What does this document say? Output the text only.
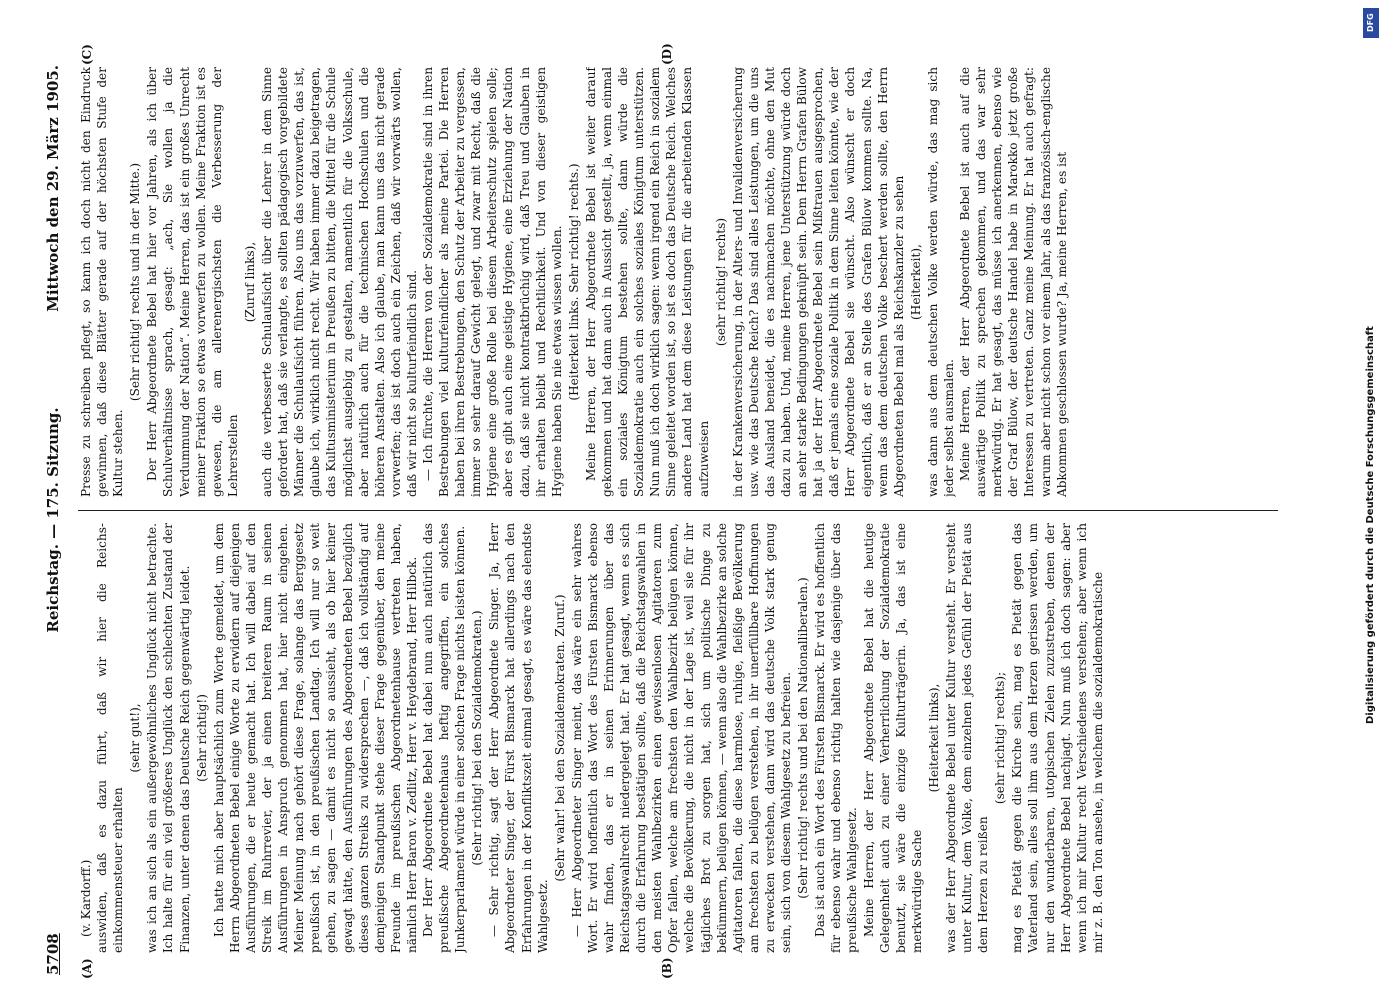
5708
Reichstag. — 175. Sitzung.
Mittwoch den 29. März 1905.
(A)	(B)
(C)	(D)

(v. Kardorff.) auswiden, daß es dazu führt, daß wir hier die Reichs-einkommensteuer erhalten

(sehr gut!), was ich an sich als ein außergewöhnliches Unglück nicht betrachte. Ich halte für ein viel größeres Unglück den schlechten Zustand der Finanzen, unter denen das Deutsche Reich gegenwärtig leidet. (Sehr richtig!) Ich hatte mich aber hauptsächlich zum Worte gemeldet, um dem Herrn Abgeordneten Bebel einige Worte zu erwidern auf diejenigen Ausführungen, die er heute gemacht hat. Ich will dabei auf den Streik im Ruhrrevier, der ja einen breiteren Raum in seinen Ausführungen in Anspruch genommen hat, hier nicht eingehen. Meiner Meinung nach gehört diese Frage, solange das Berggesetz preußisch ist, in den preußischen Landtag. Ich will nur so weit gehen, zu sagen — damit es nicht so aussieht, als ob hier keiner gewagt hätte, den Ausführungen des Abgeordneten Bebel bezüglich dieses ganzen Streiks zu widersprechen —, daß ich vollständig auf demjenigen Standpunkt stehe dieser Frage gegenüber, den meine Freunde im preußischen Abgeordnetenhause vertreten haben, nämlich Herr Baron v. Zedlitz, Herr v. Heydebrand, Herr Hilbck. Der Herr Abgeordnete Bebel hat dabei nun auch natürlich das preußische Abgeordnetenhaus heftig angegriffen, ein solches Junkerparlament würde in einer solchen Frage nichts leisten können. (Sehr richtig! bei den Sozialdemokraten.) — Sehr richtig, sagt der Herr Abgeordnete Singer. Ja, Herr Abgeordneter Singer, der Fürst Bismarck hat allerdings nach den Erfahrungen in der Konfliktszeit einmal gesagt, es wäre das elendste Wahlgesetz.

(Sehr wahr! bei den Sozialdemokraten. Zuruf.) — Herr Abgeordneter Singer meint, das wäre ein sehr wahres Wort. Er wird hoffentlich das Wort des Fürsten Bismarck ebenso wahr finden, das er in seinen Erinnerungen über das Reichstagswahlrecht niedergelegt hat. Er hat gesagt, wenn es sich durch die Erfahrung bestätigen sollte, daß die Reichstagswahlen in den meisten Wahlbezirken einen gewissenlosen Agitatoren zum Opfer fallen, welche am frechsten den Wahlbezirk belügen können, welche die Bevölkerung, die nicht in der Lage ist, weil sie für ihr tägliches Brot zu sorgen hat, sich um politische Dinge zu bekümmern, belügen können, — wenn also die Wahlbezirke an solche Agitatoren fallen, die diese harmlose, ruhige, fleißige Bevölkerung am frechsten zu belügen verstehen, in ihr unerfüllbare Hoffnungen zu erwecken verstehen, dann wird das deutsche Volk stark genug sein, sich von diesem Wahlgesetz zu befreien. (Sehr richtig! rechts und bei den Nationalliberalen.) Das ist auch ein Wort des Fürsten Bismarck. Er wird es hoffentlich für ebenso wahr und ebenso richtig halten wie dasjenige über das preußische Wahlgesetz. Meine Herren, der Herr Abgeordnete Bebel hat die heutige Gelegenheit auch zu einer Verherrlichung der Sozialdemokratie benutzt, sie wäre die einzige Kulturträgerin. Ja, das ist eine merkwürdige Sache

(Heiterkeit links), was der Herr Abgeordnete Bebel unter Kultur versteht. Er versteht unter Kultur, dem Volke, dem einzelnen jedes Gefühl der Pietät aus dem Herzen zu reißen

(sehr richtig! rechts); mag es Pietät gegen die Kirche sein, mag es Pietät gegen das Vaterland sein, alles soll ihm aus dem Herzen gerissen werden, um nur den wunderbaren, utopischen Zielen zuzustreben, denen der Herr Abgeordnete Bebel nachjagt. Nun muß ich doch sagen: aber wenn ich mir Kultur recht Verschiedenes verstehen; aber wenn ich mir z. B. den Ton ansehe, in welchem die sozialdemokratische

Presse zu schreiben pflegt, so kann ich doch nicht den Eindruck gewinnen, daß diese Blätter gerade auf der höchsten Stufe der Kultur stehen.

(Sehr richtig! rechts und in der Mitte.) Der Herr Abgeordnete Bebel hat hier vor Jahren, als ich über Schulverhältnisse sprach, gesagt: „ach, Sie wollen ja die Verdummung der Nation“. Meine Herren, das ist ein großes Unrecht meiner Fraktion so etwas vorwerfen zu wollen. Meine Fraktion ist es gewesen, die am allerenergischsten die Verbesserung der Lehrerstellen

(Zuruf links), auch die verbesserte Schulaufsicht über die Lehrer in dem Sinne gefordert hat, daß sie verlangte, es sollten pädagogisch vorgebildete Männer die Schulaufsicht führen. Also uns das vorzuwerfen, das ist, glaube ich, wirklich nicht recht. Wir haben immer dazu beigetragen, das Kultusministerium in Preußen zu bitten, die Mittel für die Schule möglichst ausgiebig zu gestalten, namentlich für die Volksschule, aber natürlich auch für die technischen Hochschulen und die höheren Anstalten. Also ich glaube, man kann uns das nicht gerade vorwerfen; das ist doch auch ein Zeichen, daß wir vorwärts wollen, daß wir nicht so kulturfeindlich sind. — Ich fürchte, die Herren von der Sozialdemokratie sind in ihren Bestrebungen viel kulturfeindlicher als meine Partei. Die Herren haben bei ihren Bestrebungen, den Schutz der Arbeiter zu vergessen, immer so sehr darauf Gewicht gelegt, und zwar mit Recht, daß die Hygiene eine große Rolle bei diesem Arbeiterschutz spielen solle; aber es gibt auch eine geistige Hygiene, eine Erziehung der Nation dazu, daß sie nicht kontraktbrüchig wird, daß Treu und Glauben in ihr erhalten bleibt und Rechtlichkeit. Und von dieser geistigen Hygiene haben Sie nie etwas wissen wollen. (Heiterkeit links. Sehr richtig! rechts.) Meine Herren, der Herr Abgeordnete Bebel ist weiter darauf gekommen und hat dann auch in Aussicht gestellt, ja, wenn einmal ein soziales Königtum bestehen sollte, dann würde die Sozialdemokratie auch ein solches soziales Königtum unterstützen. Nun muß ich doch wirklich sagen: wenn irgend ein Reich in sozialem Sinne geleitet worden ist, so ist es doch das Deutsche Reich. Welches andere Land hat dem diese Leistungen für die arbeitenden Klassen aufzuweisen

(sehr richtig! rechts) in der Krankenversicherung, in der Alters- und Invalidenversicherung usw. wie das Deutsche Reich? Das sind alles Leistungen, um die uns das Ausland beneidet, die es nachmachen möchte, ohne den Mut dazu zu haben. Und, meine Herren, jene Unterstützung würde doch an sehr starke Bedingungen geknüpft sein. Dem Herrn Grafen Bülow hat ja der Herr Abgeordnete Bebel sein Mißtrauen ausgesprochen, daß er jemals eine soziale Politik in dem Sinne leiten könnte, wie der Herr Abgeordnete Bebel sie wünscht. Also wünscht er doch eigentlich, daß er an Stelle des Grafen Bülow kommen sollte. Na, wenn das dem deutschen Volke beschert werden sollte, den Herrn Abgeordneten Bebel mal als Reichskanzler zu sehen (Heiterkeit), was dann aus dem deutschen Volke werden würde, das mag sich jeder selbst ausmalen. Meine Herren, der Herr Abgeordnete Bebel ist auch auf die auswärtige Politik zu sprechen gekommen, und das war sehr merkwürdig. Er hat gesagt, das müsse ich anerkennen, ebenso wie der Graf Bülow, der deutsche Handel habe in Marokko jetzt große Interessen zu vertreten. Ganz meine Meinung. Er hat auch gefragt: warum aber nicht schon vor einem Jahr, als das französisch-englische Abkommen geschlossen wurde? Ja, meine Herren, es ist

DFG
Digitalisierung gefördert durch die Deutsche Forschungsgemeinschaft
